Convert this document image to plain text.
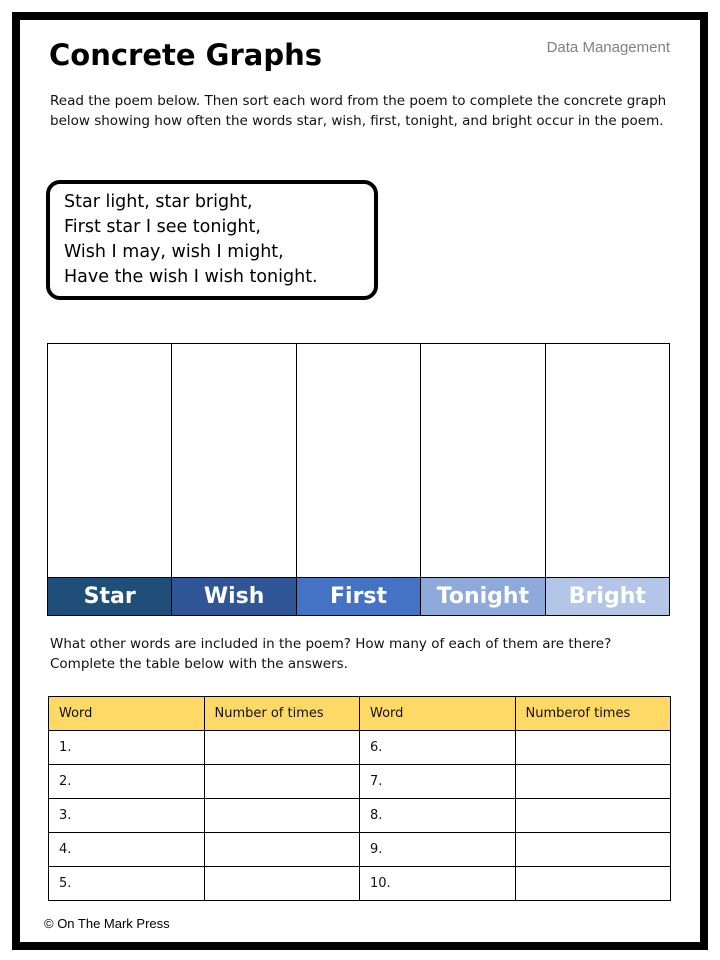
Concrete Graphs	Data Management
Read the poem below. Then sort each word from the poem to complete the concrete graph below showing how often the words star, wish, first, tonight, and bright occur in the poem.
Star light, star bright,
First star I see tonight,
Wish I may, wish I might,
Have the wish I wish tonight.
Star	Wish	First	Tonight	Bright
What other words are included in the poem? How many of each of them are there? Complete the table below with the answers.
Word	Number of times	Word	Numberof times
1.		6.	
2.		7.	
3.		8.	
4.		9.	
5.		10.	
© On The Mark Press
